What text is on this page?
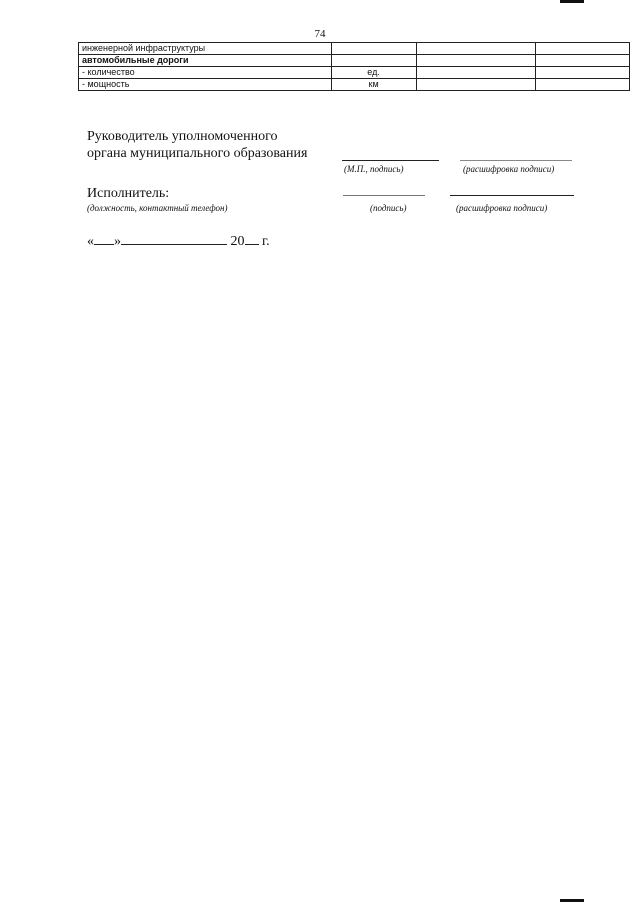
74
инженерной инфраструктуры			
автомобильные дороги			
- количество	ед.		
- мощность	км		
Руководитель уполномоченного
органа муниципального образования
(М.П., подпись)	(расшифровка подписи)
Исполнитель:
(должность, контактный телефон)	(подпись)	(расшифровка подписи)
« »	20 г.
